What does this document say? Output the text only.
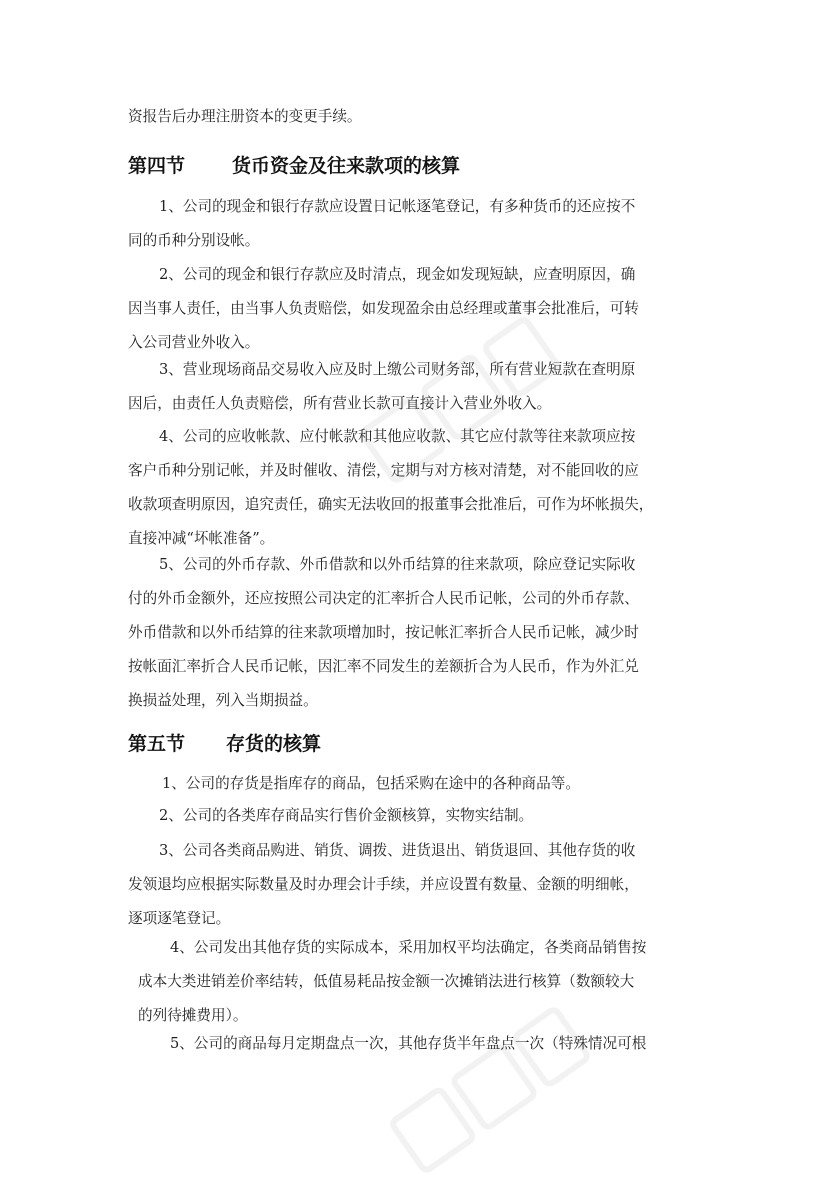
资报告后办理注册资本的变更手续。

第四节 货币资金及往来款项的核算

1、公司的现金和银行存款应设置日记帐逐笔登记，有多种货币的还应按不
同的币种分别设帐。

2、公司的现金和银行存款应及时清点，现金如发现短缺，应查明原因，确
因当事人责任，由当事人负责赔偿，如发现盈余由总经理或董事会批准后，可转
入公司营业外收入。

3、营业现场商品交易收入应及时上缴公司财务部，所有营业短款在查明原
因后，由责任人负责赔偿，所有营业长款可直接计入营业外收入。

4、公司的应收帐款、应付帐款和其他应收款、其它应付款等往来款项应按
客户币种分别记帐，并及时催收、清偿，定期与对方核对清楚，对不能回收的应
收款项查明原因，追究责任，确实无法收回的报董事会批准后，可作为坏帐损失，
直接冲减“坏帐准备”。

5、公司的外币存款、外币借款和以外币结算的往来款项，除应登记实际收
付的外币金额外，还应按照公司决定的汇率折合人民币记帐，公司的外币存款、
外币借款和以外币结算的往来款项增加时，按记帐汇率折合人民币记帐，减少时
按帐面汇率折合人民币记帐，因汇率不同发生的差额折合为人民币，作为外汇兑
换损益处理，列入当期损益。

第五节 存货的核算

1、公司的存货是指库存的商品，包括采购在途中的各种商品等。

2、公司的各类库存商品实行售价金额核算，实物实结制。

3、公司各类商品购进、销货、调拨、进货退出、销货退回、其他存货的收
发领退均应根据实际数量及时办理会计手续，并应设置有数量、金额的明细帐，
逐项逐笔登记。

4、公司发出其他存货的实际成本，采用加权平均法确定，各类商品销售按
成本大类进销差价率结转，低值易耗品按金额一次摊销法进行核算（数额较大
的列待摊费用）。

5、公司的商品每月定期盘点一次，其他存货半年盘点一次（特殊情况可根
